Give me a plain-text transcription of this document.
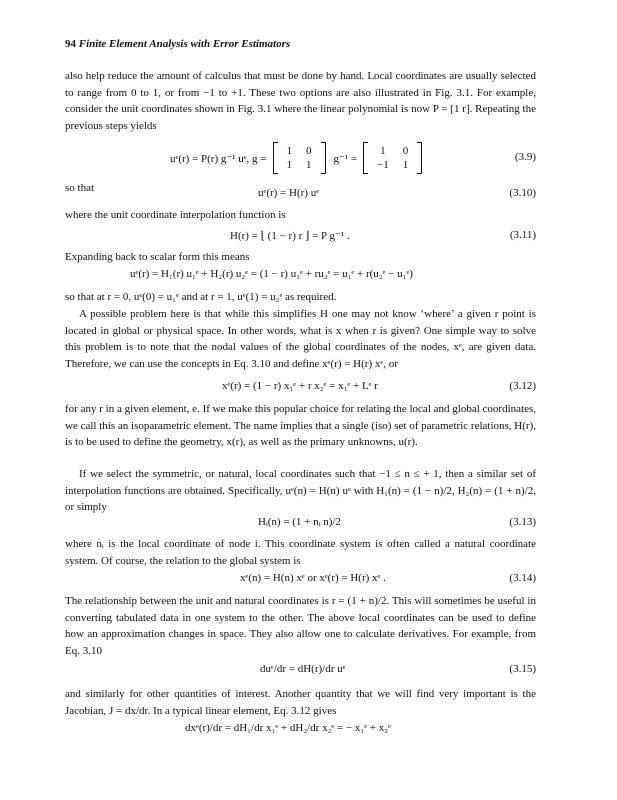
94 Finite Element Analysis with Error Estimators
also help reduce the amount of calculus that must be done by hand. Local coordinates are usually selected to range from 0 to 1, or from −1 to +1. These two options are also illustrated in Fig. 3.1. For example, consider the unit coordinates shown in Fig. 3.1 where the linear polynomial is now P = [1 r]. Repeating the previous steps yields
uᵉ(r) = P(r) g⁻¹ uᵉ, g =
1	0
1	1
g⁻¹ =
1	0
−1	1
(3.9)
so that	uᵉ(r) = H(r) uᵉ	(3.10)
where the unit coordinate interpolation function is
H(r) = ⌊ (1 − r) r ⌋ = P g⁻¹ .	(3.11)
Expanding back to scalar form this means
uᵉ(r) = H₁(r) u₁ᵉ + H₂(r) u₂ᵉ = (1 − r) u₁ᵉ + ru₂ᵉ = u₁ᵉ + r(u₂ᵉ − u₁ᵉ)
so that at r = 0, uᵉ(0) = u₁ᵉ and at r = 1, uᵉ(1) = u₂ᵉ as required.
A possible problem here is that while this simplifies H one may not know ‘where’ a given r point is located in global or physical space. In other words, what is x when r is given? One simple way to solve this problem is to note that the nodal values of the global coordinates of the nodes, xᵉ, are given data. Therefore, we can use the concepts in Eq. 3.10 and define xᵉ(r) = H(r) xᵉ, or
xᵉ(r) = (1 − r) x₁ᵉ + r x₂ᵉ = x₁ᵉ + Lᵉ r	(3.12)
for any r in a given element, e. If we make this popular choice for relating the local and global coordinates, we call this an isoparametric element. The name implies that a single (iso) set of parametric relations, H(r), is to be used to define the geometry, x(r), as well as the primary unknowns, u(r).
If we select the symmetric, or natural, local coordinates such that −1 ≤ n ≤ + 1, then a similar set of interpolation functions are obtained. Specifically, uᵉ(n) = H(n) uᵉ with H₁(n) = (1 − n)/2, H₂(n) = (1 + n)/2, or simply
Hᵢ(n) = (1 + nᵢ n)/2	(3.13)
where nᵢ is the local coordinate of node i. This coordinate system is often called a natural coordinate system. Of course, the relation to the global system is
xᵉ(n) = H(n) xᵉ or xᵉ(r) = H(r) xᵉ .	(3.14)
The relationship between the unit and natural coordinates is r = (1 + n)/2. This will sometimes be useful in converting tabulated data in one system to the other. The above local coordinates can be used to define how an approximation changes in space. They also allow one to calculate derivatives. For example, from Eq. 3.10
duᵉ/dr = dH(r)/dr uᵉ	(3.15)
and similarly for other quantities of interest. Another quantity that we will find very important is the Jacobian, J = dx/dr. In a typical linear element, Eq. 3.12 gives
dxᵉ(r)/dr = dH₁/dr x₁ᵉ + dH₂/dr x₂ᵉ = − x₁ᵉ + x₂ᵉ
